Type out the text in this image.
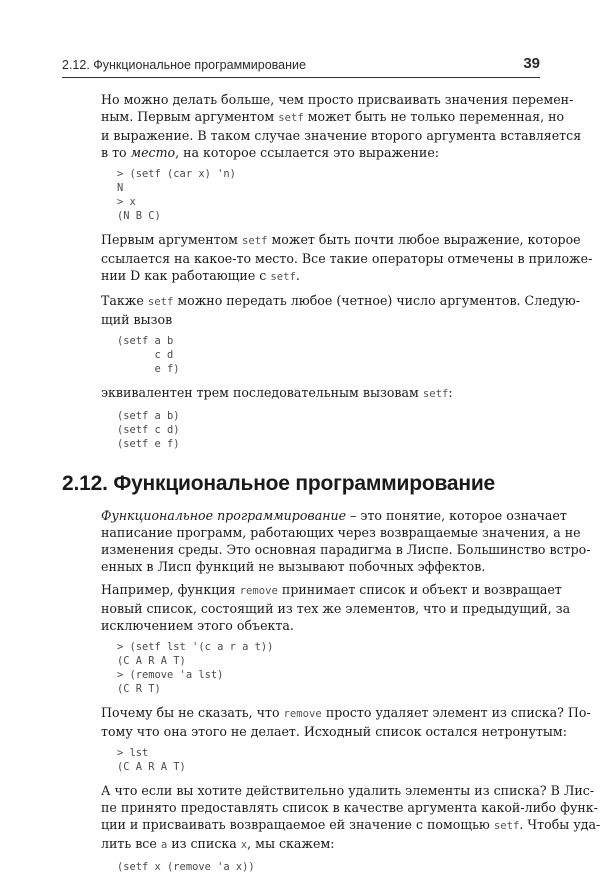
2.12. Функциональное программирование	39

Но можно делать больше, чем просто присваивать значения перемен-
ным. Первым аргументом setf может быть не только переменная, но
и выражение. В таком случае значение второго аргумента вставляется
в то место, на которое ссылается это выражение:

> (setf (car x) 'n)
N
> x
(N B C)

Первым аргументом setf может быть почти любое выражение, которое
ссылается на какое-то место. Все такие операторы отмечены в приложе-
нии D как работающие с setf.

Также setf можно передать любое (четное) число аргументов. Следую-
щий вызов

(setf a b
c d
e f)

эквивалентен трем последовательным вызовам setf:

(setf a b)
(setf c d)
(setf e f)
2.12. Функциональное программирование

Функциональное программирование – это понятие, которое означает
написание программ, работающих через возвращаемые значения, а не
изменения среды. Это основная парадигма в Лиспе. Большинство встро-
енных в Лисп функций не вызывают побочных эффектов.

Например, функция remove принимает список и объект и возвращает
новый список, состоящий из тех же элементов, что и предыдущий, за
исключением этого объекта.

> (setf lst '(c a r a t))
(C A R A T)
> (remove 'a lst)
(C R T)

Почему бы не сказать, что remove просто удаляет элемент из списка? По-
тому что она этого не делает. Исходный список остался нетронутым:

> lst
(C A R A T)

А что если вы хотите действительно удалить элементы из списка? В Лис-
пе принято предоставлять список в качестве аргумента какой-либо функ-
ции и присваивать возвращаемое ей значение с помощью setf. Чтобы уда-
лить все a из списка x, мы скажем:

(setf x (remove 'a x))
